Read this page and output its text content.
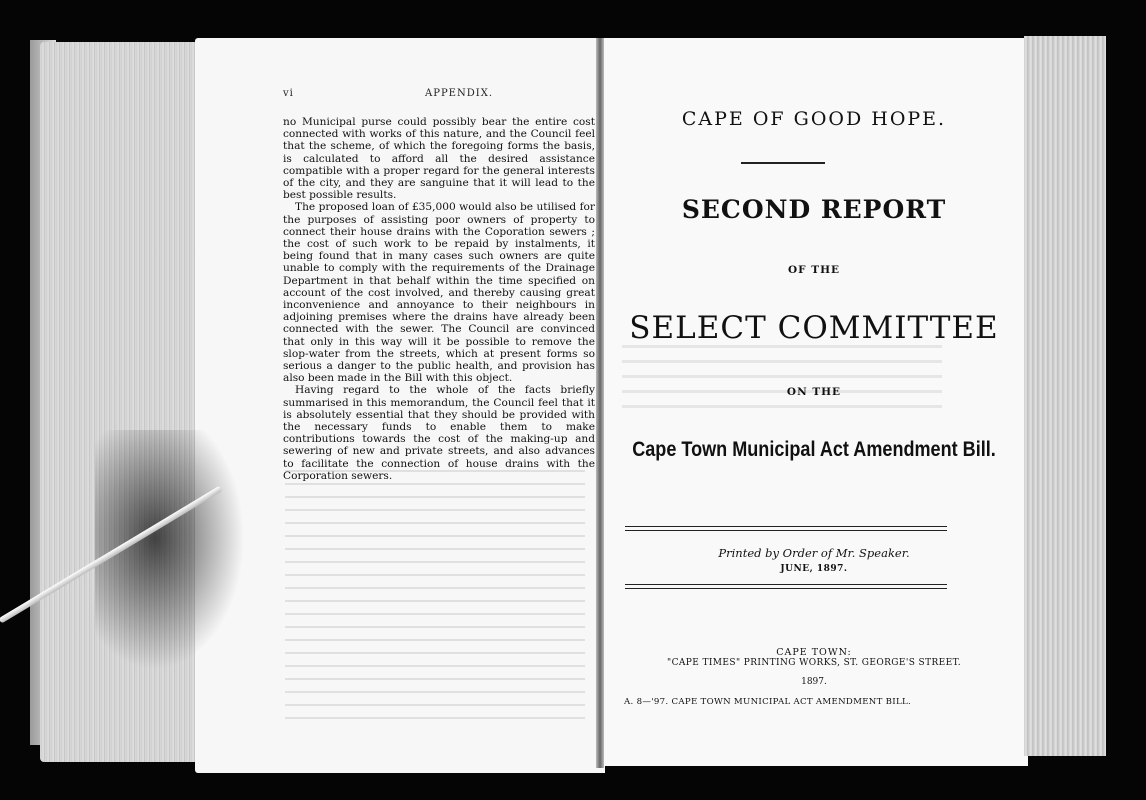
vi	APPENDIX.

no Municipal purse could possibly bear the entire cost connected with works of this nature, and the Council feel that the scheme, of which the foregoing forms the basis, is calculated to afford all the desired assistance compatible with a proper regard for the general interests of the city, and they are sanguine that it will lead to the best possible results.

The proposed loan of £35,000 would also be utilised for the purposes of assisting poor owners of property to connect their house drains with the Coporation sewers ; the cost of such work to be repaid by instalments, it being found that in many cases such owners are quite unable to comply with the requirements of the Drainage Department in that behalf within the time specified on account of the cost involved, and thereby causing great inconvenience and annoyance to their neighbours in adjoining premises where the drains have already been connected with the sewer. The Council are convinced that only in this way will it be possible to remove the slop-water from the streets, which at present forms so serious a danger to the public health, and provision has also been made in the Bill with this object.

Having regard to the whole of the facts briefly summarised in this memorandum, the Council feel that it is absolutely essential that they should be provided with the necessary funds to enable them to make contributions towards the cost of the making-up and sewering of new and private streets, and also advances to facilitate the connection of house drains with the Corporation sewers.

CAPE OF GOOD HOPE.
SECOND REPORT
OF THE
SELECT COMMITTEE
ON THE
Cape Town Municipal Act Amendment Bill.
Printed by Order of Mr. Speaker.
JUNE, 1897.
CAPE TOWN:
"CAPE TIMES" PRINTING WORKS, ST. GEORGE'S STREET.
1897.
A. 8—'97. CAPE TOWN MUNICIPAL ACT AMENDMENT BILL.
